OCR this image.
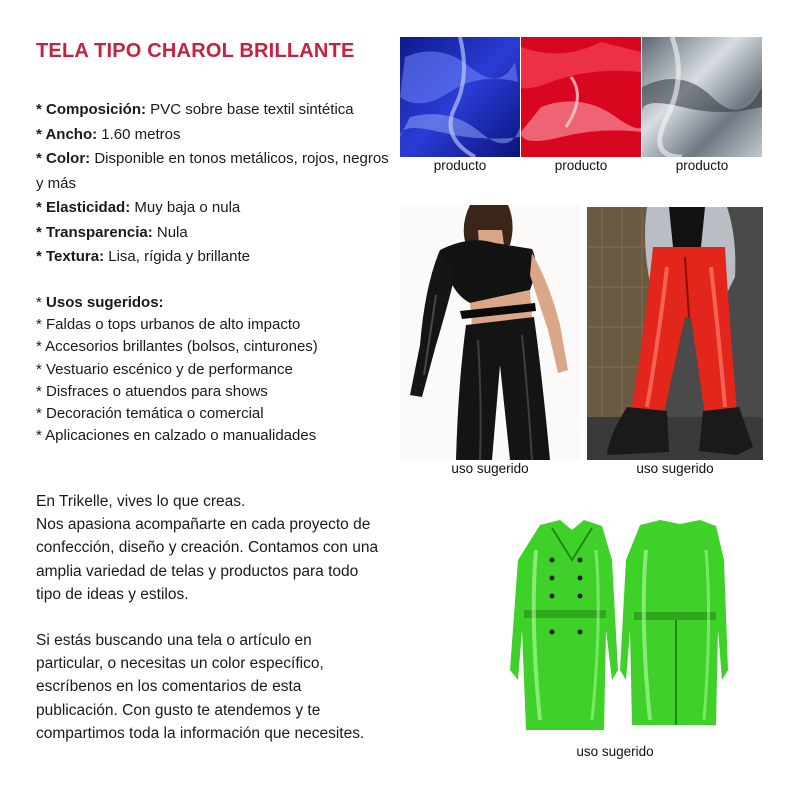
TELA TIPO CHAROL BRILLANTE
* Composición: PVC sobre base textil sintética
* Ancho: 1.60 metros
* Color: Disponible en tonos metálicos, rojos, negros y más
* Elasticidad: Muy baja o nula
* Transparencia: Nula
* Textura: Lisa, rígida y brillante
* Usos sugeridos:
* Faldas o tops urbanos de alto impacto
* Accesorios brillantes (bolsos, cinturones)
* Vestuario escénico y de performance
* Disfraces o atuendos para shows
* Decoración temática o comercial
* Aplicaciones en calzado o manualidades

En Trikelle, vives lo que creas.
Nos apasiona acompañarte en cada proyecto de
confección, diseño y creación. Contamos con una
amplia variedad de telas y productos para todo
tipo de ideas y estilos.

Si estás buscando una tela o artículo en
particular, o necesitas un color específico,
escríbenos en los comentarios de esta
publicación. Con gusto te atendemos y te
compartimos toda la información que necesites.

producto	producto	producto
uso sugerido	uso sugerido
uso sugerido
